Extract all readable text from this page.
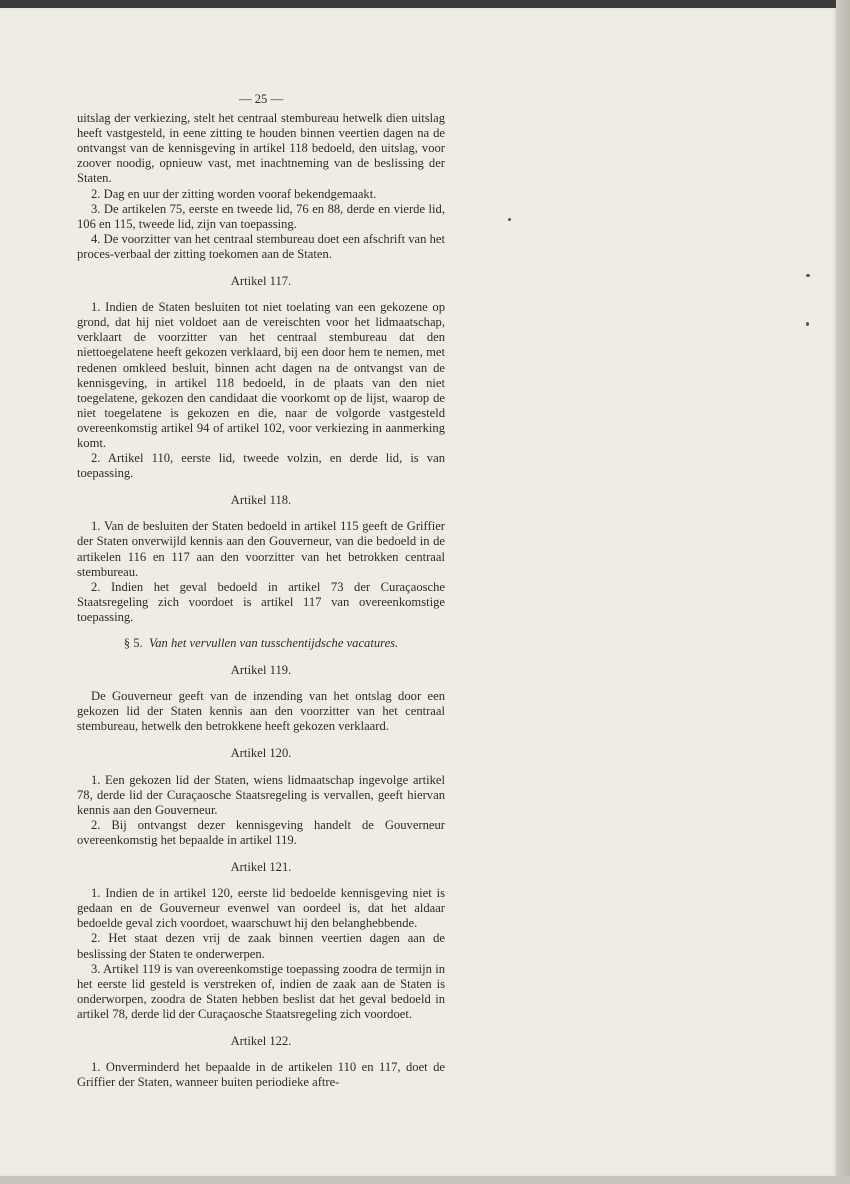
— 25 —

uitslag der verkiezing, stelt het centraal stembureau hetwelk dien uitslag heeft vastgesteld, in eene zitting te houden binnen veertien dagen na de ontvangst van de kennisgeving in artikel 118 bedoeld, den uitslag, voor zoover noodig, opnieuw vast, met inachtneming van de beslissing der Staten.

2. Dag en uur der zitting worden vooraf bekendgemaakt.

3. De artikelen 75, eerste en tweede lid, 76 en 88, derde en vierde lid, 106 en 115, tweede lid, zijn van toepassing.

4. De voorzitter van het centraal stembureau doet een afschrift van het proces-verbaal der zitting toekomen aan de Staten.

Artikel 117.

1. Indien de Staten besluiten tot niet toelating van een gekozene op grond, dat hij niet voldoet aan de vereischten voor het lidmaatschap, verklaart de voorzitter van het centraal stembureau dat den niettoegelatene heeft gekozen verklaard, bij een door hem te nemen, met redenen omkleed besluit, binnen acht dagen na de ontvangst van de kennisgeving, in artikel 118 bedoeld, in de plaats van den niet toegelatene, gekozen den candidaat die voorkomt op de lijst, waarop de niet toegelatene is gekozen en die, naar de volgorde vastgesteld overeenkomstig artikel 94 of artikel 102, voor verkiezing in aanmerking komt.

2. Artikel 110, eerste lid, tweede volzin, en derde lid, is van toepassing.

Artikel 118.

1. Van de besluiten der Staten bedoeld in artikel 115 geeft de Griffier der Staten onverwijld kennis aan den Gouverneur, van die bedoeld in de artikelen 116 en 117 aan den voorzitter van het betrokken centraal stembureau.

2. Indien het geval bedoeld in artikel 73 der Curaçaosche Staatsregeling zich voordoet is artikel 117 van overeenkomstige toepassing.

§ 5. Van het vervullen van tusschentijdsche vacatures.
Artikel 119.

De Gouverneur geeft van de inzending van het ontslag door een gekozen lid der Staten kennis aan den voorzitter van het centraal stembureau, hetwelk den betrokkene heeft gekozen verklaard.

Artikel 120.

1. Een gekozen lid der Staten, wiens lidmaatschap ingevolge artikel 78, derde lid der Curaçaosche Staatsregeling is vervallen, geeft hiervan kennis aan den Gouverneur.

2. Bij ontvangst dezer kennisgeving handelt de Gouverneur overeenkomstig het bepaalde in artikel 119.

Artikel 121.

1. Indien de in artikel 120, eerste lid bedoelde kennisgeving niet is gedaan en de Gouverneur evenwel van oordeel is, dat het aldaar bedoelde geval zich voordoet, waarschuwt hij den belanghebbende.

2. Het staat dezen vrij de zaak binnen veertien dagen aan de beslissing der Staten te onderwerpen.

3. Artikel 119 is van overeenkomstige toepassing zoodra de termijn in het eerste lid gesteld is verstreken of, indien de zaak aan de Staten is onderworpen, zoodra de Staten hebben beslist dat het geval bedoeld in artikel 78, derde lid der Curaçaosche Staatsregeling zich voordoet.

Artikel 122.

1. Onverminderd het bepaalde in de artikelen 110 en 117, doet de Griffier der Staten, wanneer buiten periodieke aftre-
